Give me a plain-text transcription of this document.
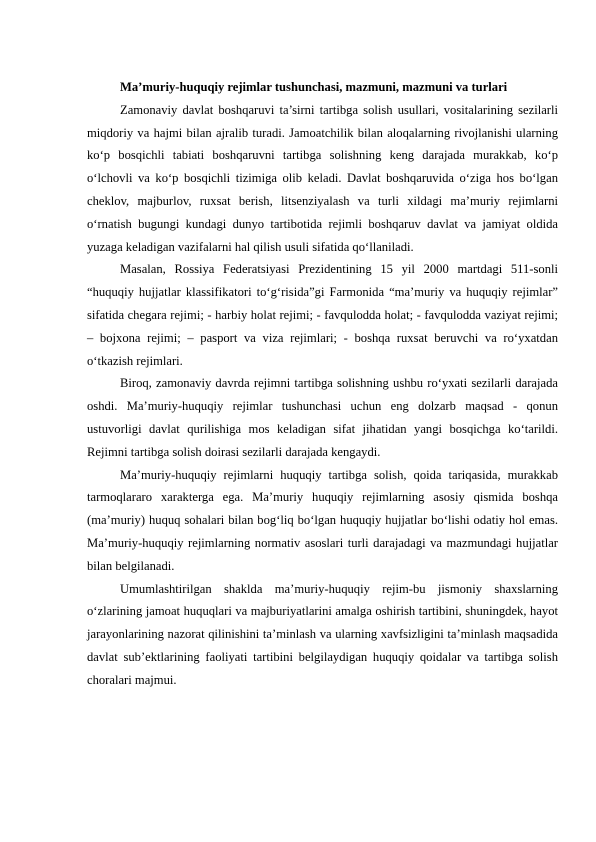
Ma’muriy-huquqiy rejimlar tushunchasi, mazmuni, mazmuni va turlari

Zamonaviy davlat boshqaruvi ta’sirni tartibga solish usullari, vositalarining sezilarli miqdoriy va hajmi bilan ajralib turadi. Jamoatchilik bilan aloqalarning rivojlanishi ularning ko‘p bosqichli tabiati boshqaruvni tartibga solishning keng darajada murakkab, ko‘p o‘lchovli va ko‘p bosqichli tizimiga olib keladi. Davlat boshqaruvida o‘ziga hos bo‘lgan cheklov, majburlov, ruxsat berish, litsenziyalash va turli xildagi ma’muriy rejimlarni o‘rnatish bugungi kundagi dunyo tartibotida rejimli boshqaruv davlat va jamiyat oldida yuzaga keladigan vazifalarni hal qilish usuli sifatida qo‘llaniladi.

Masalan, Rossiya Federatsiyasi Prezidentining 15 yil 2000 martdagi 511-sonli “huquqiy hujjatlar klassifikatori to‘g‘risida”gi Farmonida “ma’muriy va huquqiy rejimlar” sifatida chegara rejimi; - harbiy holat rejimi; - favqulodda holat; - favqulodda vaziyat rejimi; – bojxona rejimi; – pasport va viza rejimlari; - boshqa ruxsat beruvchi va ro‘yxatdan o‘tkazish rejimlari.

Biroq, zamonaviy davrda rejimni tartibga solishning ushbu ro‘yxati sezilarli darajada oshdi. Ma’muriy-huquqiy rejimlar tushunchasi uchun eng dolzarb maqsad - qonun ustuvorligi davlat qurilishiga mos keladigan sifat jihatidan yangi bosqichga ko‘tarildi. Rejimni tartibga solish doirasi sezilarli darajada kengaydi.

Ma’muriy-huquqiy rejimlarni huquqiy tartibga solish, qoida tariqasida, murakkab tarmoqlararo xarakterga ega. Ma’muriy huquqiy rejimlarning asosiy qismida boshqa (ma’muriy) huquq sohalari bilan bog‘liq bo‘lgan huquqiy hujjatlar bo‘lishi odatiy hol emas. Ma’muriy-huquqiy rejimlarning normativ asoslari turli darajadagi va mazmundagi hujjatlar bilan belgilanadi.

Umumlashtirilgan shaklda ma’muriy-huquqiy rejim-bu jismoniy shaxslarning o‘zlarining jamoat huquqlari va majburiyatlarini amalga oshirish tartibini, shuningdek, hayot jarayonlarining nazorat qilinishini ta’minlash va ularning xavfsizligini ta’minlash maqsadida davlat sub’ektlarining faoliyati tartibini belgilaydigan huquqiy qoidalar va tartibga solish choralari majmui.
